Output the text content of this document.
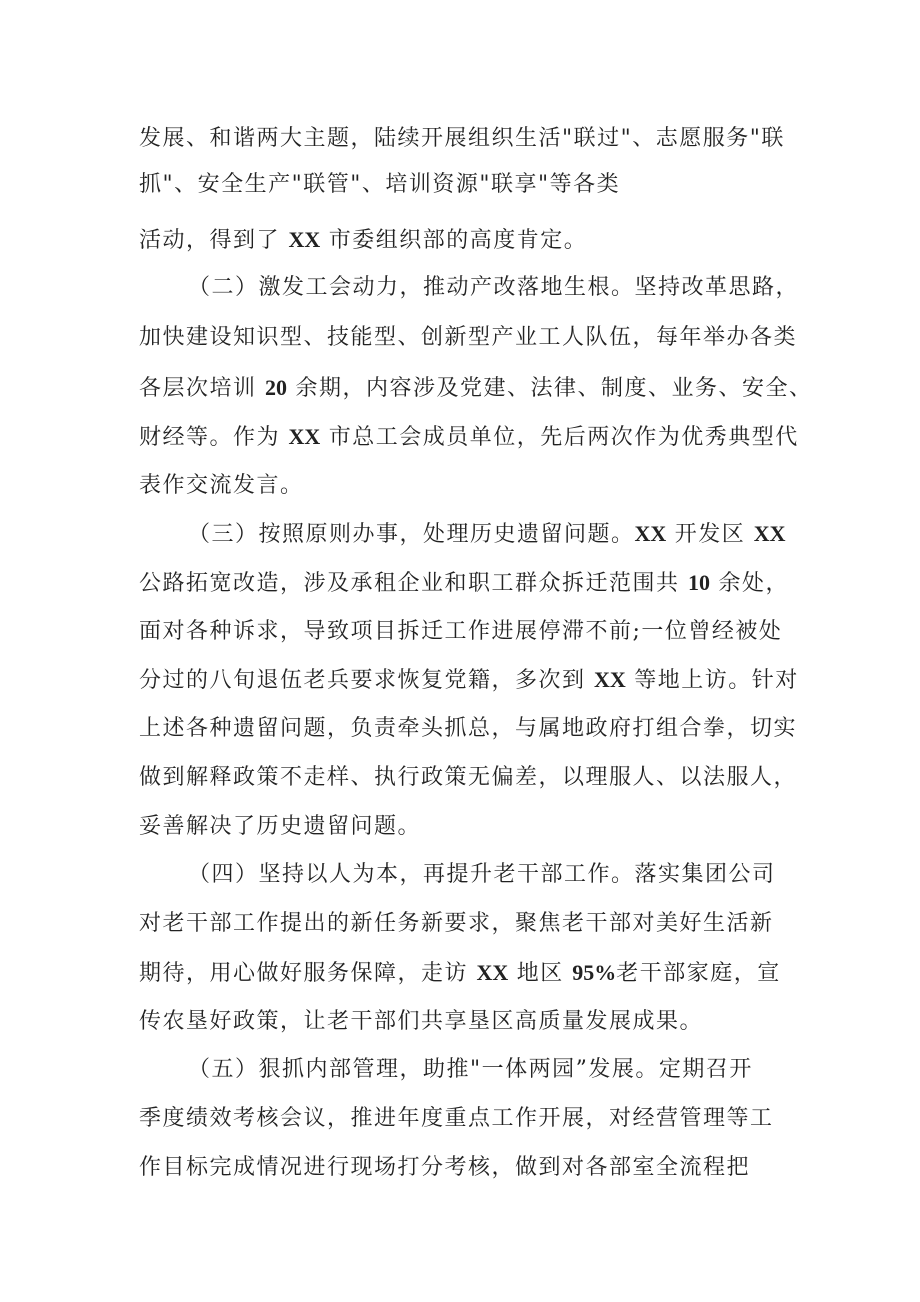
发展、和谐两大主题，陆续开展组织生活"联过"、志愿服务"联
抓"、安全生产"联管"、培训资源"联享"等各类
活动，得到了 XX 市委组织部的高度肯定。
（二）激发工会动力，推动产改落地生根。坚持改革思路，
加快建设知识型、技能型、创新型产业工人队伍，每年举办各类
各层次培训 20 余期，内容涉及党建、法律、制度、业务、安全、
财经等。作为 XX 市总工会成员单位，先后两次作为优秀典型代
表作交流发言。
（三）按照原则办事，处理历史遗留问题。XX 开发区 XX
公路拓宽改造，涉及承租企业和职工群众拆迁范围共 10 余处，
面对各种诉求，导致项目拆迁工作进展停滞不前;一位曾经被处
分过的八旬退伍老兵要求恢复党籍，多次到 XX 等地上访。针对
上述各种遗留问题，负责牵头抓总，与属地政府打组合拳，切实
做到解释政策不走样、执行政策无偏差，以理服人、以法服人，
妥善解决了历史遗留问题。
（四）坚持以人为本，再提升老干部工作。落实集团公司
对老干部工作提出的新任务新要求，聚焦老干部对美好生活新
期待，用心做好服务保障，走访 XX 地区 95%老干部家庭，宣
传农垦好政策，让老干部们共享垦区高质量发展成果。
（五）狠抓内部管理，助推"一体两园”发展。定期召开
季度绩效考核会议，推进年度重点工作开展，对经营管理等工
作目标完成情况进行现场打分考核，做到对各部室全流程把
